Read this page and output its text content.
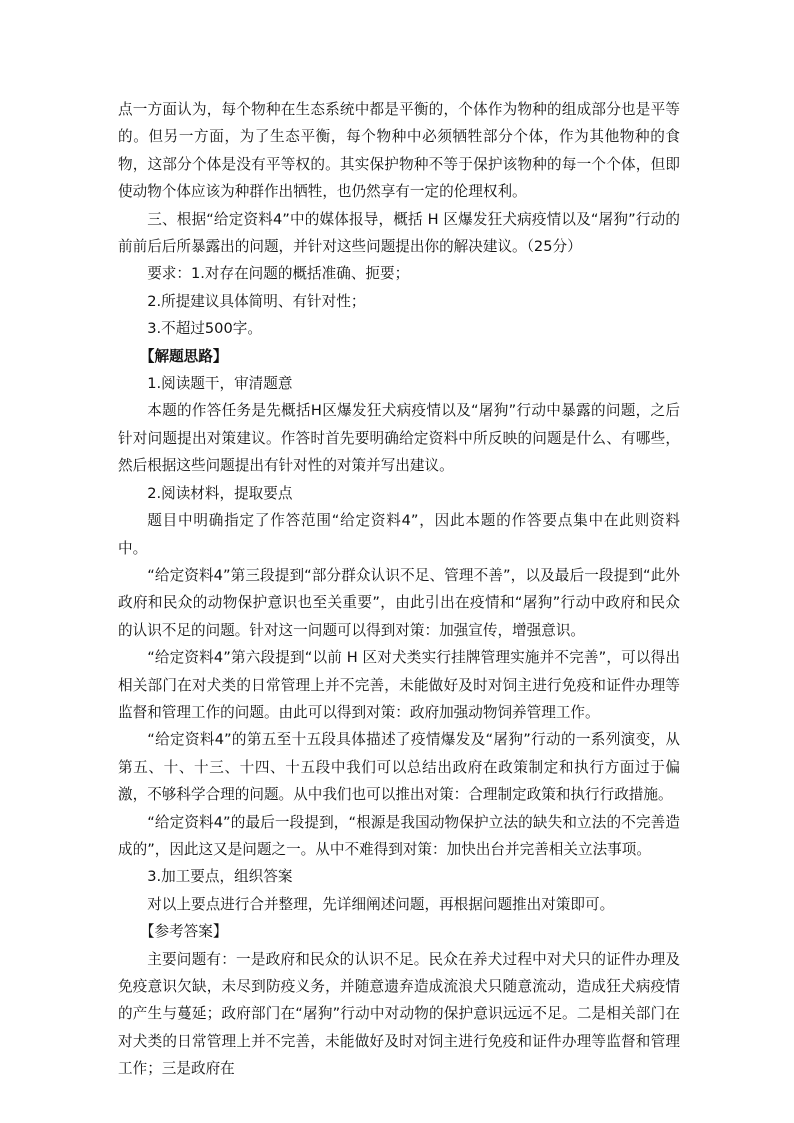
点一方面认为，每个物种在生态系统中都是平衡的，个体作为物种的组成部分也是平等的。但另一方面，为了生态平衡，每个物种中必须牺牲部分个体，作为其他物种的食物，这部分个体是没有平等权的。其实保护物种不等于保护该物种的每一个个体，但即使动物个体应该为种群作出牺牲，也仍然享有一定的伦理权利。

三、根据“给定资料4”中的媒体报导，概括 H 区爆发狂犬病疫情以及“屠狗”行动的前前后后所暴露出的问题，并针对这些问题提出你的解决建议。（25分）

要求：1.对存在问题的概括准确、扼要；

2.所提建议具体简明、有针对性；

3.不超过500字。

【解题思路】

1.阅读题干，审清题意

本题的作答任务是先概括H区爆发狂犬病疫情以及“屠狗”行动中暴露的问题，之后针对问题提出对策建议。作答时首先要明确给定资料中所反映的问题是什么、有哪些，然后根据这些问题提出有针对性的对策并写出建议。

2.阅读材料，提取要点

题目中明确指定了作答范围“给定资料4”，因此本题的作答要点集中在此则资料中。

“给定资料4”第三段提到“部分群众认识不足、管理不善”，以及最后一段提到“此外政府和民众的动物保护意识也至关重要”，由此引出在疫情和“屠狗”行动中政府和民众的认识不足的问题。针对这一问题可以得到对策：加强宣传，增强意识。

“给定资料4”第六段提到“以前 H 区对犬类实行挂牌管理实施并不完善”，可以得出相关部门在对犬类的日常管理上并不完善，未能做好及时对饲主进行免疫和证件办理等监督和管理工作的问题。由此可以得到对策：政府加强动物饲养管理工作。

“给定资料4”的第五至十五段具体描述了疫情爆发及“屠狗”行动的一系列演变，从第五、十、十三、十四、十五段中我们可以总结出政府在政策制定和执行方面过于偏激，不够科学合理的问题。从中我们也可以推出对策：合理制定政策和执行行政措施。

“给定资料4”的最后一段提到，“根源是我国动物保护立法的缺失和立法的不完善造成的”，因此这又是问题之一。从中不难得到对策：加快出台并完善相关立法事项。

3.加工要点，组织答案

对以上要点进行合并整理，先详细阐述问题，再根据问题推出对策即可。

【参考答案】

主要问题有：一是政府和民众的认识不足。民众在养犬过程中对犬只的证件办理及免疫意识欠缺，未尽到防疫义务，并随意遗弃造成流浪犬只随意流动，造成狂犬病疫情的产生与蔓延；政府部门在“屠狗”行动中对动物的保护意识远远不足。二是相关部门在对犬类的日常管理上并不完善，未能做好及时对饲主进行免疫和证件办理等监督和管理工作；三是政府在
